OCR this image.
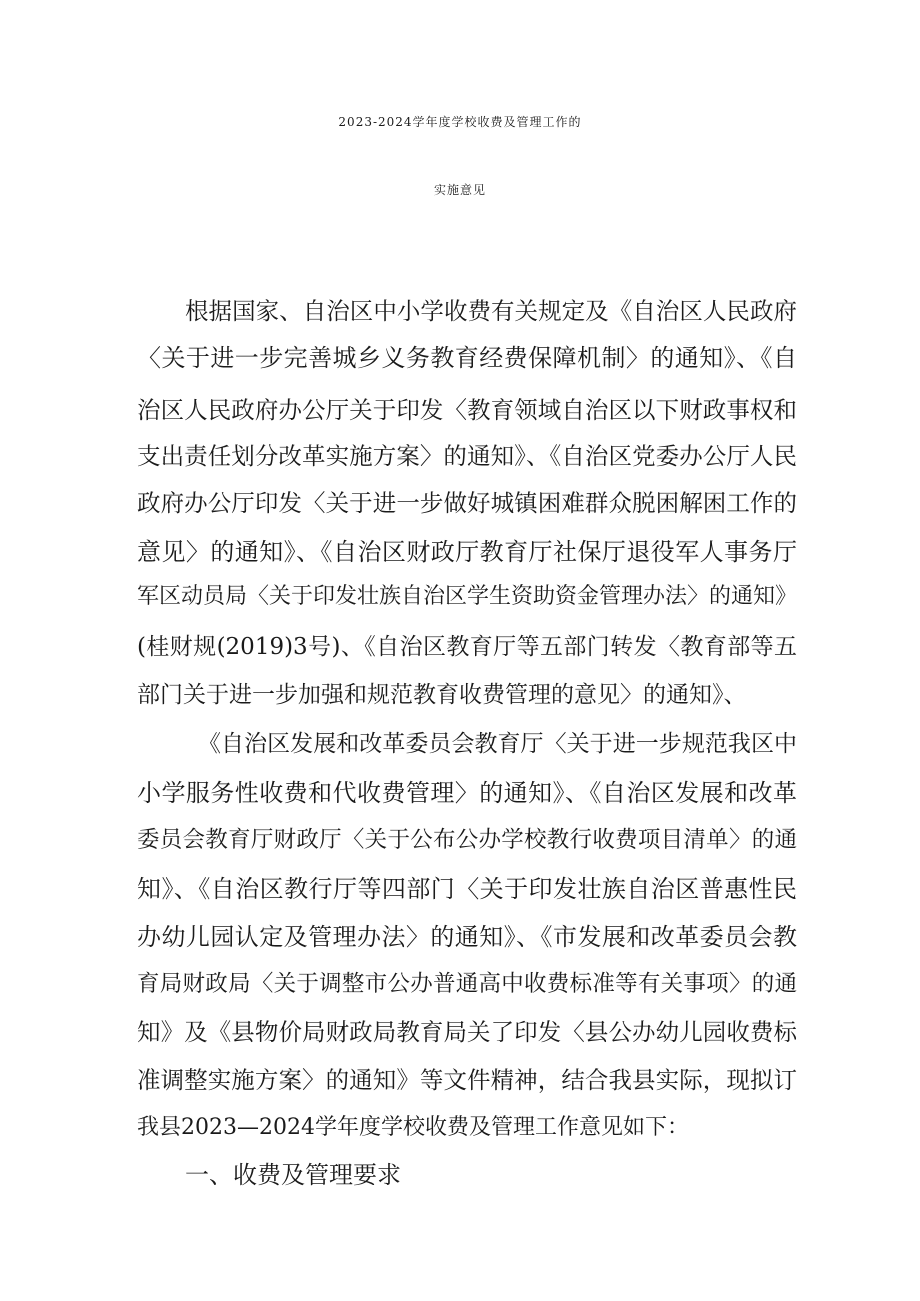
2023-2024学年度学校收费及管理工作的
实施意见
根据国家、自治区中小学收费有关规定及《自治区人民政府
〈关于进一步完善城乡义务教育经费保障机制〉的通知》、《自
治区人民政府办公厅关于印发〈教育领域自治区以下财政事权和
支出责任划分改革实施方案〉的通知》、《自治区党委办公厅人民
政府办公厅印发〈关于进一步做好城镇困难群众脱困解困工作的
意见〉的通知》、《自治区财政厅教育厅社保厅退役军人事务厅
军区动员局〈关于印发壮族自治区学生资助资金管理办法〉的通知》
(桂财规(2019)3号)、《自治区教育厅等五部门转发〈教育部等五
部门关于进一步加强和规范教育收费管理的意见〉的通知》、
《自治区发展和改革委员会教育厅〈关于进一步规范我区中
小学服务性收费和代收费管理〉的通知》、《自治区发展和改革
委员会教育厅财政厅〈关于公布公办学校教行收费项目清单〉的通
知》、《自治区教行厅等四部门〈关于印发壮族自治区普惠性民
办幼儿园认定及管理办法〉的通知》、《市发展和改革委员会教
育局财政局〈关于调整市公办普通高中收费标准等有关事项〉的通
知》及《县物价局财政局教育局关了印发〈县公办幼儿园收费标
准调整实施方案〉的通知》等文件精神，结合我县实际，现拟订
我县2023—2024学年度学校收费及管理工作意见如下：
一、收费及管理要求
